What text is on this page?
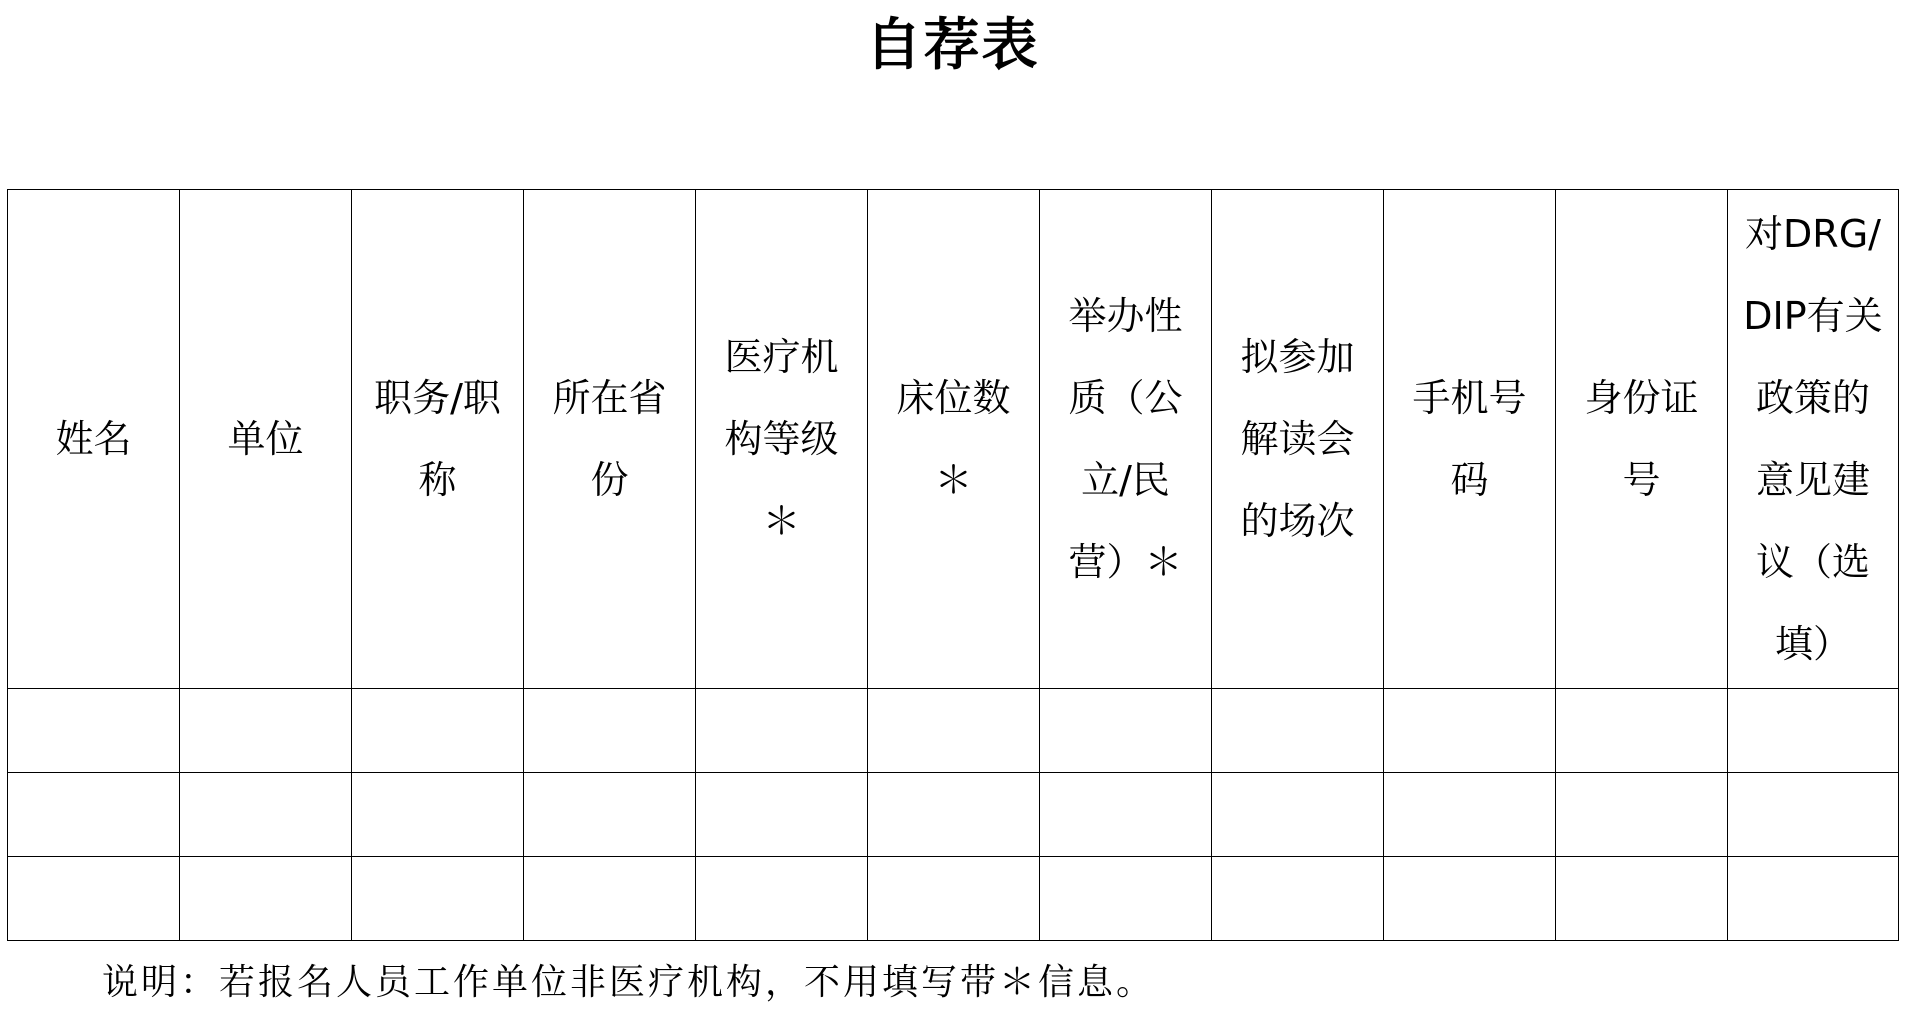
自荐表
姓名	单位	职务/职称	所在省份	医疗机构等级＊	床位数＊	举办性质（公立/民营）＊	拟参加解读会的场次	手机号码	身份证号	对DRG/DIP有关政策的意见建议（选填）

说明：若报名人员工作单位非医疗机构，不用填写带＊信息。
